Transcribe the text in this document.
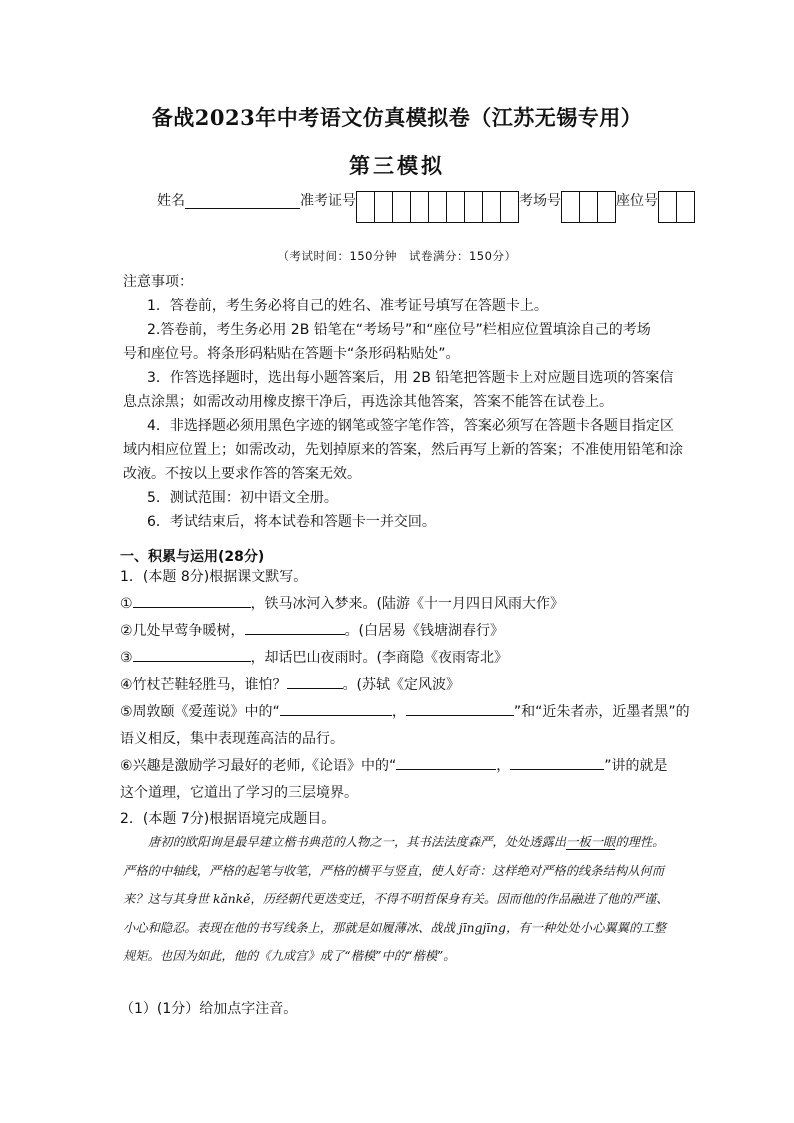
备战2023年中考语文仿真模拟卷（江苏无锡专用）
第三模拟
姓名	准考证号	考场号	座位号
（考试时间：150分钟　试卷满分：150分）
注意事项：
1．答卷前，考生务必将自己的姓名、准考证号填写在答题卡上。
2.答卷前，考生务必用 2B 铅笔在“考场号”和“座位号”栏相应位置填涂自己的考场
号和座位号。将条形码粘贴在答题卡“条形码粘贴处”。
3．作答选择题时，选出每小题答案后，用 2B 铅笔把答题卡上对应题目选项的答案信
息点涂黑；如需改动用橡皮擦干净后，再选涂其他答案，答案不能答在试卷上。
4．非选择题必须用黑色字迹的钢笔或签字笔作答，答案必须写在答题卡各题目指定区
域内相应位置上；如需改动，先划掉原来的答案，然后再写上新的答案；不准使用铅笔和涂
改液。不按以上要求作答的答案无效。
5．测试范围：初中语文全册。
6．考试结束后，将本试卷和答题卡一并交回。
一、积累与运用(28分)
1．(本题 8分)根据课文默写。
①	，铁马冰河入梦来。(陆游《十一月四日风雨大作》
②几处早莺争暖树，	。(白居易《钱塘湖春行》
③	，却话巴山夜雨时。(李商隐《夜雨寄北》
④竹杖芒鞋轻胜马，谁怕？	。(苏轼《定风波》
⑤周敦颐《爱莲说》中的“	，	”和“近朱者赤，近墨者黑”的
语义相反，集中表现莲高洁的品行。
⑥兴趣是激励学习最好的老师,《论语》中的“	，	”讲的就是
这个道理，它道出了学习的三层境界。
2．(本题 7分)根据语境完成题目。
唐初的欧阳询是最早建立楷书典范的人物之一，其书法法度森严，处处透露出一板一眼的理性。严格的中轴线，严格的起笔与收笔，严格的横平与竖直，使人好奇：这样绝对严格的线条结构从何而来？这与其身世 kǎnkě，历经朝代更迭变迁，不得不明哲保身有关。因而他的作品融进了他的严谨、小心和隐忍。表现在他的书写线条上，那就是如履薄冰、战战 jīngjīng，有一种处处小心翼翼的工整规矩。也因为如此，他的《九成宫》成了“楷模”中的“楷模”。
（1）(1分）给加点字注音。
